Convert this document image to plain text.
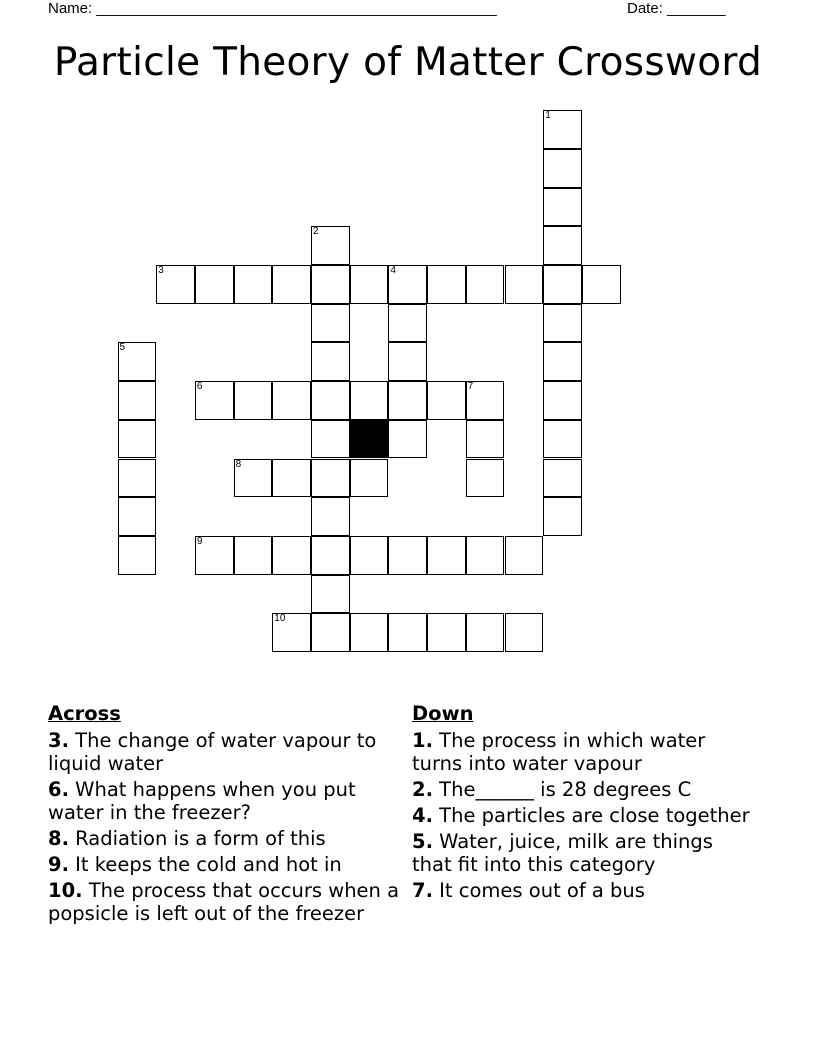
Name: ________________________________________________	Date: _______
Particle Theory of Matter Crossword
1
2
3	4
5
6	7
8
9
10
Across
3. The change of water vapour to liquid water
6. What happens when you put water in the freezer?
8. Radiation is a form of this
9. It keeps the cold and hot in
10. The process that occurs when a popsicle is left out of the freezer
Down
1. The process in which water turns into water vapour
2. The______ is 28 degrees C
4. The particles are close together
5. Water, juice, milk are things that fit into this category
7. It comes out of a bus
